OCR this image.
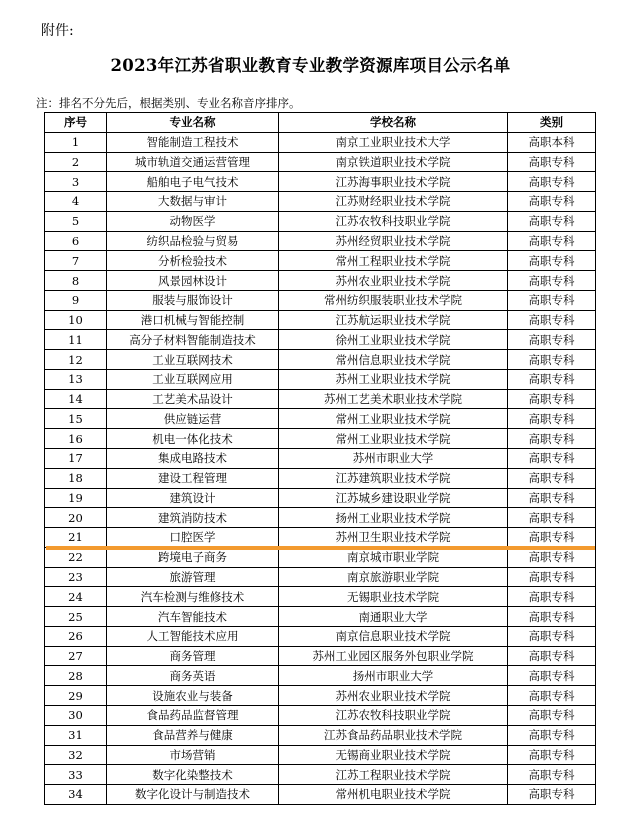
附件:
2023年江苏省职业教育专业教学资源库项目公示名单
注：排名不分先后，根据类别、专业名称音序排序。
序号	专业名称	学校名称	类别
1	智能制造工程技术	南京工业职业技术大学	高职本科
2	城市轨道交通运营管理	南京铁道职业技术学院	高职专科
3	船舶电子电气技术	江苏海事职业技术学院	高职专科
4	大数据与审计	江苏财经职业技术学院	高职专科
5	动物医学	江苏农牧科技职业学院	高职专科
6	纺织品检验与贸易	苏州经贸职业技术学院	高职专科
7	分析检验技术	常州工程职业技术学院	高职专科
8	风景园林设计	苏州农业职业技术学院	高职专科
9	服装与服饰设计	常州纺织服装职业技术学院	高职专科
10	港口机械与智能控制	江苏航运职业技术学院	高职专科
11	高分子材料智能制造技术	徐州工业职业技术学院	高职专科
12	工业互联网技术	常州信息职业技术学院	高职专科
13	工业互联网应用	苏州工业职业技术学院	高职专科
14	工艺美术品设计	苏州工艺美术职业技术学院	高职专科
15	供应链运营	常州工业职业技术学院	高职专科
16	机电一体化技术	常州工业职业技术学院	高职专科
17	集成电路技术	苏州市职业大学	高职专科
18	建设工程管理	江苏建筑职业技术学院	高职专科
19	建筑设计	江苏城乡建设职业学院	高职专科
20	建筑消防技术	扬州工业职业技术学院	高职专科
21	口腔医学	苏州卫生职业技术学院	高职专科
22	跨境电子商务	南京城市职业学院	高职专科
23	旅游管理	南京旅游职业学院	高职专科
24	汽车检测与维修技术	无锡职业技术学院	高职专科
25	汽车智能技术	南通职业大学	高职专科
26	人工智能技术应用	南京信息职业技术学院	高职专科
27	商务管理	苏州工业园区服务外包职业学院	高职专科
28	商务英语	扬州市职业大学	高职专科
29	设施农业与装备	苏州农业职业技术学院	高职专科
30	食品药品监督管理	江苏农牧科技职业学院	高职专科
31	食品营养与健康	江苏食品药品职业技术学院	高职专科
32	市场营销	无锡商业职业技术学院	高职专科
33	数字化染整技术	江苏工程职业技术学院	高职专科
34	数字化设计与制造技术	常州机电职业技术学院	高职专科
